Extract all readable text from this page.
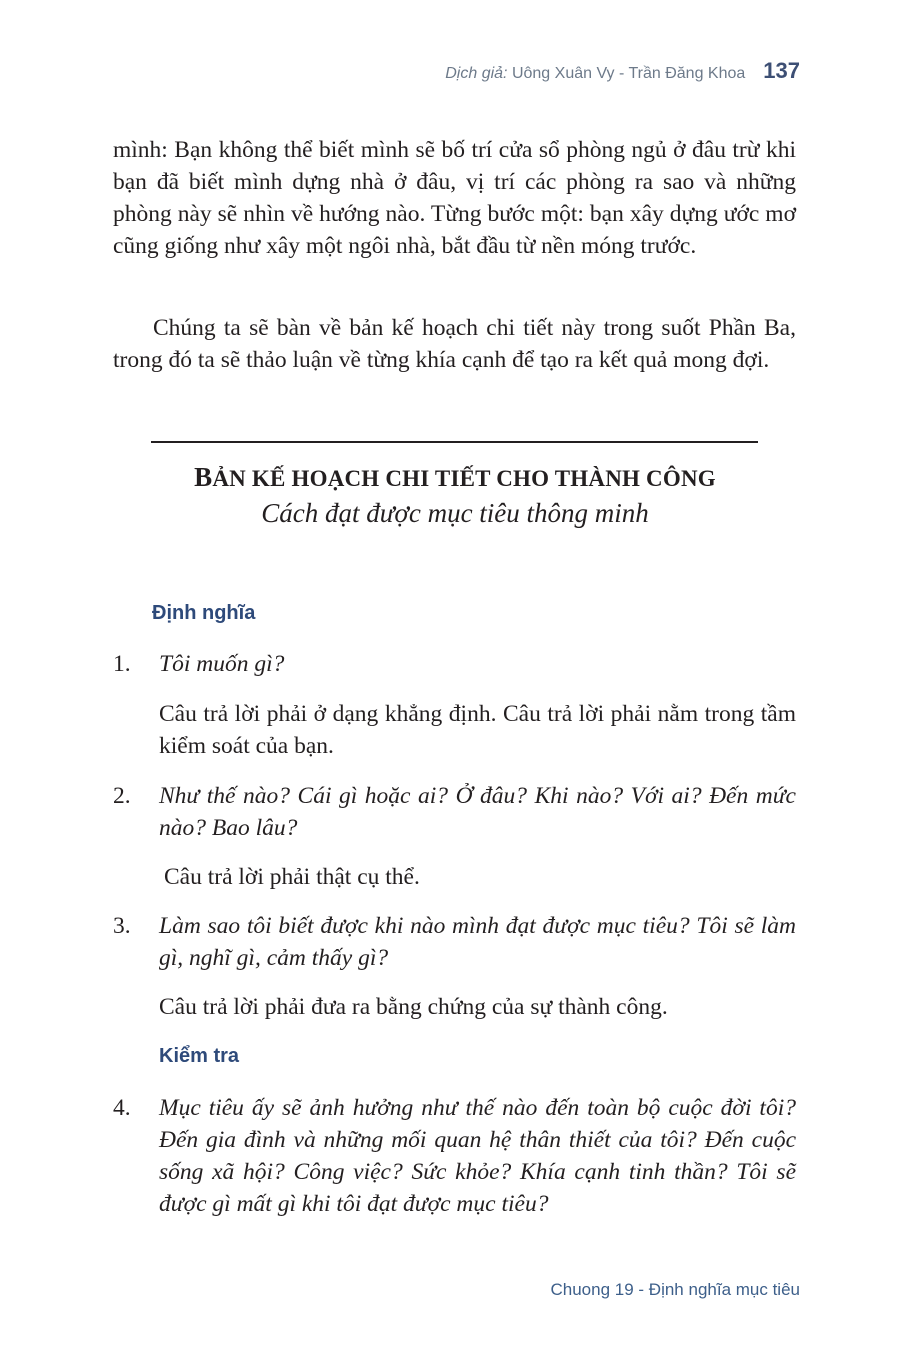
Dịch giả: Uông Xuân Vy - Trần Đăng Khoa 137

mình: Bạn không thể biết mình sẽ bố trí cửa sổ phòng ngủ ở đâu trừ khi bạn đã biết mình dựng nhà ở đâu, vị trí các phòng ra sao và những phòng này sẽ nhìn về hướng nào. Từng bước một: bạn xây dựng ước mơ cũng giống như xây một ngôi nhà, bắt đầu từ nền móng trước.

Chúng ta sẽ bàn về bản kế hoạch chi tiết này trong suốt Phần Ba, trong đó ta sẽ thảo luận về từng khía cạnh để tạo ra kết quả mong đợi.

BẢN KẾ HOẠCH CHI TIẾT CHO THÀNH CÔNG
Cách đạt được mục tiêu thông minh
Định nghĩa
1. Tôi muốn gì?

Câu trả lời phải ở dạng khẳng định. Câu trả lời phải nằm trong tầm kiểm soát của bạn.

2. Như thế nào? Cái gì hoặc ai? Ở đâu? Khi nào? Với ai? Đến mức nào? Bao lâu?

Câu trả lời phải thật cụ thể.

3. Làm sao tôi biết được khi nào mình đạt được mục tiêu? Tôi sẽ làm gì, nghĩ gì, cảm thấy gì?

Câu trả lời phải đưa ra bằng chứng của sự thành công.

Kiểm tra
4. Mục tiêu ấy sẽ ảnh hưởng như thế nào đến toàn bộ cuộc đời tôi? Đến gia đình và những mối quan hệ thân thiết của tôi? Đến cuộc sống xã hội? Công việc? Sức khỏe? Khía cạnh tinh thần? Tôi sẽ được gì mất gì khi tôi đạt được mục tiêu?

Chuong 19 - Định nghĩa mục tiêu
